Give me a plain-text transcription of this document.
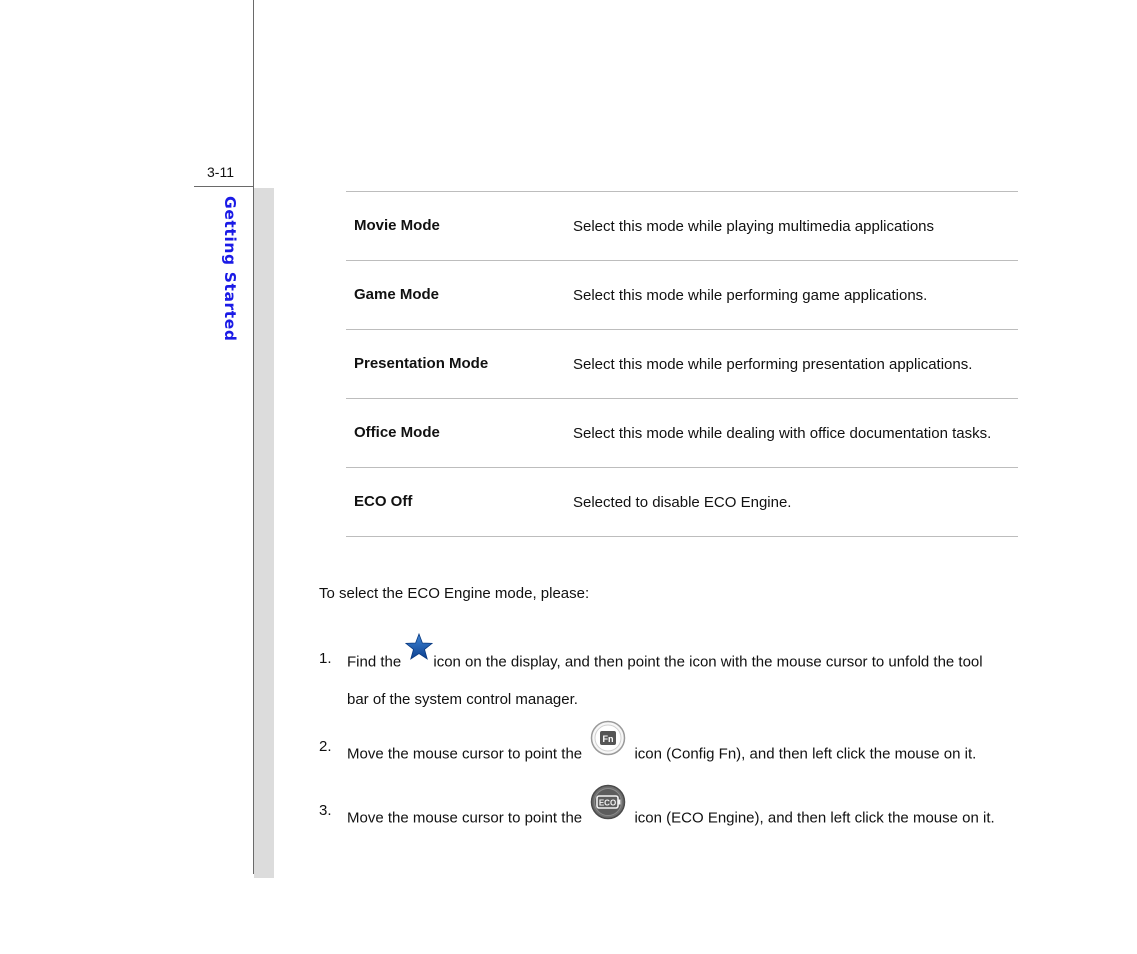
3-11
Getting Started	Movie Mode	Select this mode while playing multimedia applications
Game Mode	Select this mode while performing game applications.
Presentation Mode	Select this mode while performing presentation applications.
Office Mode	Select this mode while dealing with office documentation tasks.
ECO Off	Selected to disable ECO Engine.
To select the ECO Engine mode, please:
1. Find the icon on the display, and then point the icon with the mouse cursor to unfold the tool
bar of the system control manager.
2. Move the mouse cursor to point the
Fn
icon (Config Fn), and then left click the mouse on it.
3. Move the mouse cursor to point the
ECO
icon (ECO Engine), and then left click the mouse on it.
